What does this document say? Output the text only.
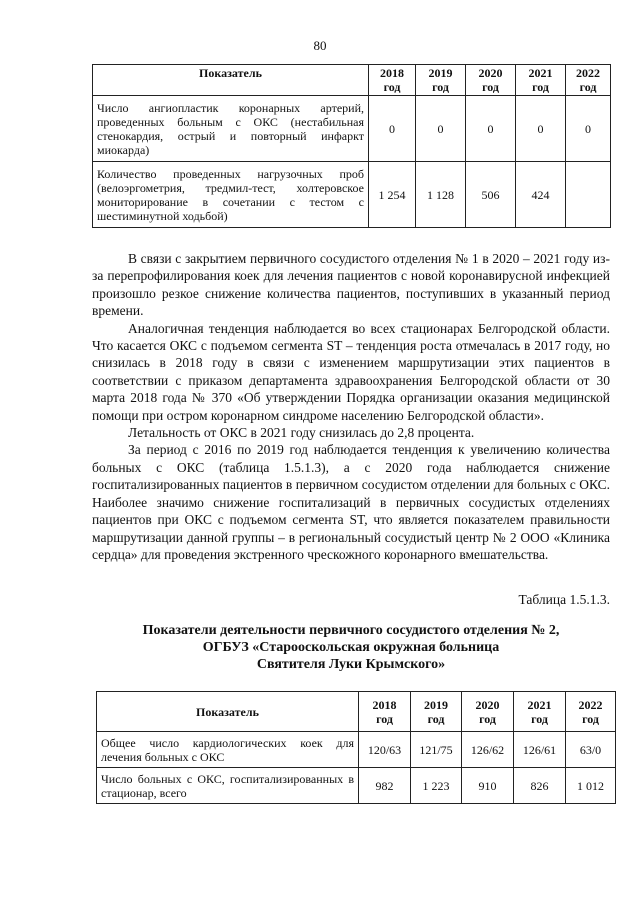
80
Показатель	2018 год	2019 год	2020 год	2021 год	2022 год
Число ангиопластик коронарных артерий, проведенных больным с ОКС (нестабильная стенокардия, острый и повторный инфаркт миокарда)	0	0	0	0	0
Количество проведенных нагрузочных проб (велоэргометрия, тредмил-тест, холтеровское мониторирование в сочетании с тестом с шестиминутной ходьбой)	1 254	1 128	506	424	

В связи с закрытием первичного сосудистого отделения № 1 в 2020 – 2021 году из-за перепрофилирования коек для лечения пациентов с новой коронавирусной инфекцией произошло резкое снижение количества пациентов, поступивших в указанный период времени.

Аналогичная тенденция наблюдается во всех стационарах Белгородской области. Что касается ОКС с подъемом сегмента ST – тенденция роста отмечалась в 2017 году, но снизилась в 2018 году в связи с изменением маршрутизации этих пациентов в соответствии с приказом департамента здравоохранения Белгородской области от 30 марта 2018 года № 370 «Об утверждении Порядка организации оказания медицинской помощи при остром коронарном синдроме населению Белгородской области».

Летальность от ОКС в 2021 году снизилась до 2,8 процента.

За период с 2016 по 2019 год наблюдается тенденция к увеличению количества больных с ОКС (таблица 1.5.1.3), а с 2020 года наблюдается снижение госпитализированных пациентов в первичном сосудистом отделении для больных с ОКС. Наиболее значимо снижение госпитализаций в первичных сосудистых отделениях пациентов при ОКС с подъемом сегмента ST, что является показателем правильности маршрутизации данной группы – в региональный сосудистый центр № 2 ООО «Клиника сердца» для проведения экстренного чрескожного коронарного вмешательства.

Таблица 1.5.1.3.
Показатели деятельности первичного сосудистого отделения № 2,
ОГБУЗ «Старооскольская окружная больница
Святителя Луки Крымского»
Показатель	2018 год	2019 год	2020 год	2021 год	2022 год
Общее число кардиологических коек для лечения больных с ОКС	120/63	121/75	126/62	126/61	63/0
Число больных с ОКС, госпитализированных в стационар, всего	982	1 223	910	826	1 012
